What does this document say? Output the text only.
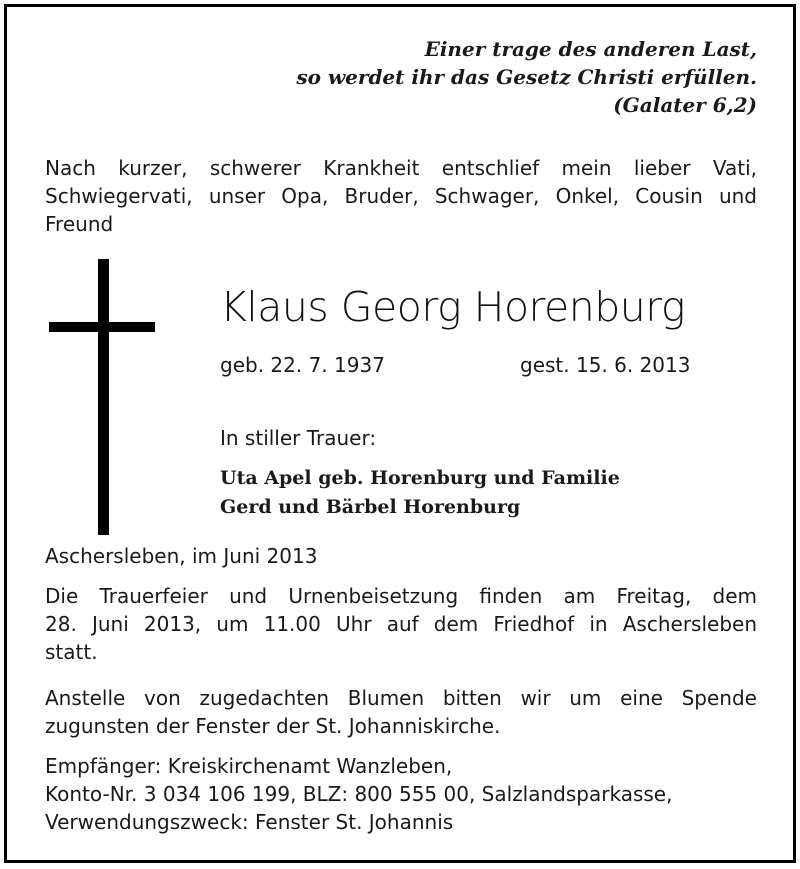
Einer trage des anderen Last,
so werdet ihr das Gesetz Christi erfüllen.
(Galater 6,2)
Nach kurzer, schwerer Krankheit entschlief mein lieber Vati,
Schwiegervati, unser Opa, Bruder, Schwager, Onkel, Cousin und
Freund
Klaus Georg Horenburg
geb. 22. 7. 1937	gest. 15. 6. 2013
In stiller Trauer:
Uta Apel geb. Horenburg und Familie
Gerd und Bärbel Horenburg
Aschersleben, im Juni 2013
Die Trauerfeier und Urnenbeisetzung finden am Freitag, dem
28. Juni 2013, um 11.00 Uhr auf dem Friedhof in Aschersleben
statt.
Anstelle von zugedachten Blumen bitten wir um eine Spende
zugunsten der Fenster der St. Johanniskirche.
Empfänger: Kreiskirchenamt Wanzleben,
Konto-Nr. 3 034 106 199, BLZ: 800 555 00, Salzlandsparkasse,
Verwendungszweck: Fenster St. Johannis
